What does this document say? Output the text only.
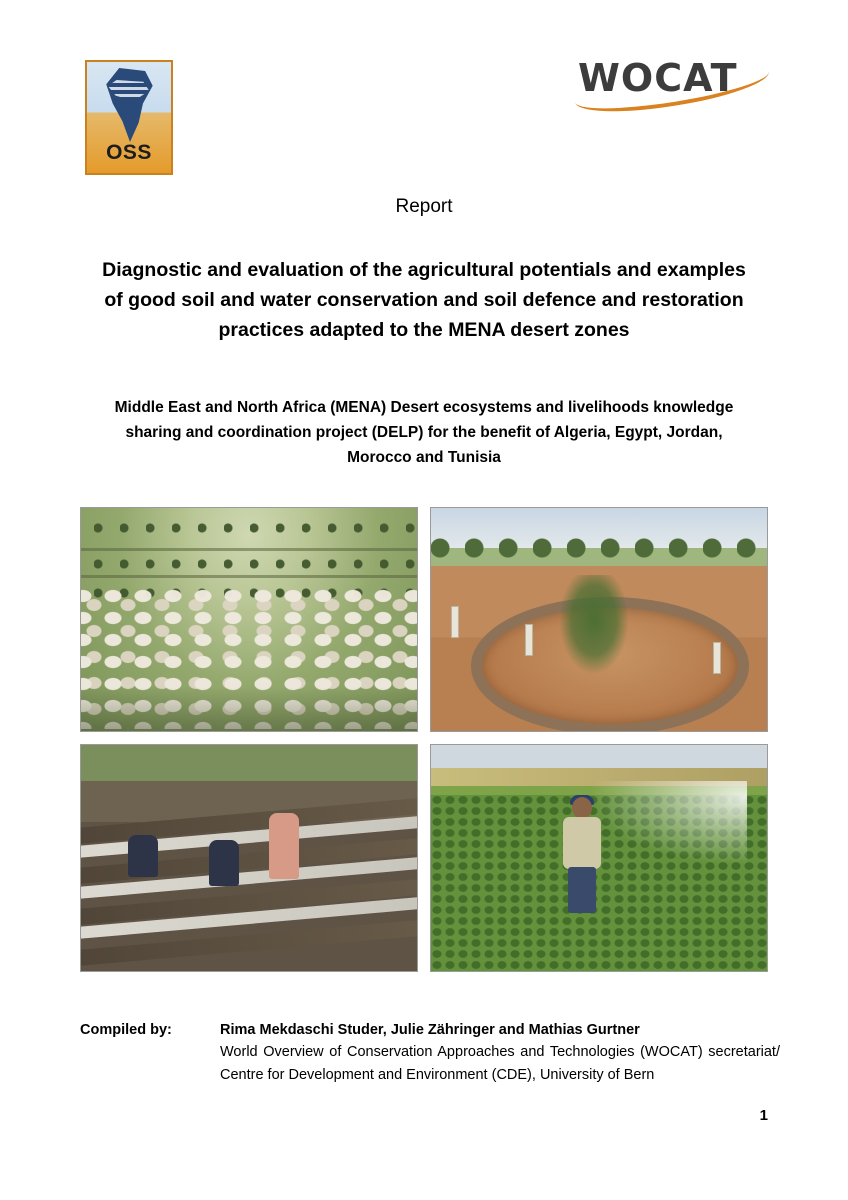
OSS
WOCAT
Report
Diagnostic and evaluation of the agricultural potentials and examples of good soil and water conservation and soil defence and restoration practices adapted to the MENA desert zones
Middle East and North Africa (MENA) Desert ecosystems and livelihoods knowledge sharing and coordination project (DELP) for the benefit of Algeria, Egypt, Jordan, Morocco and Tunisia
Compiled by:	Rima Mekdaschi Studer, Julie Zähringer and Mathias Gurtner
World Overview of Conservation Approaches and Technologies (WOCAT) secretariat/ Centre for Development and Environment (CDE), University of Bern
1
